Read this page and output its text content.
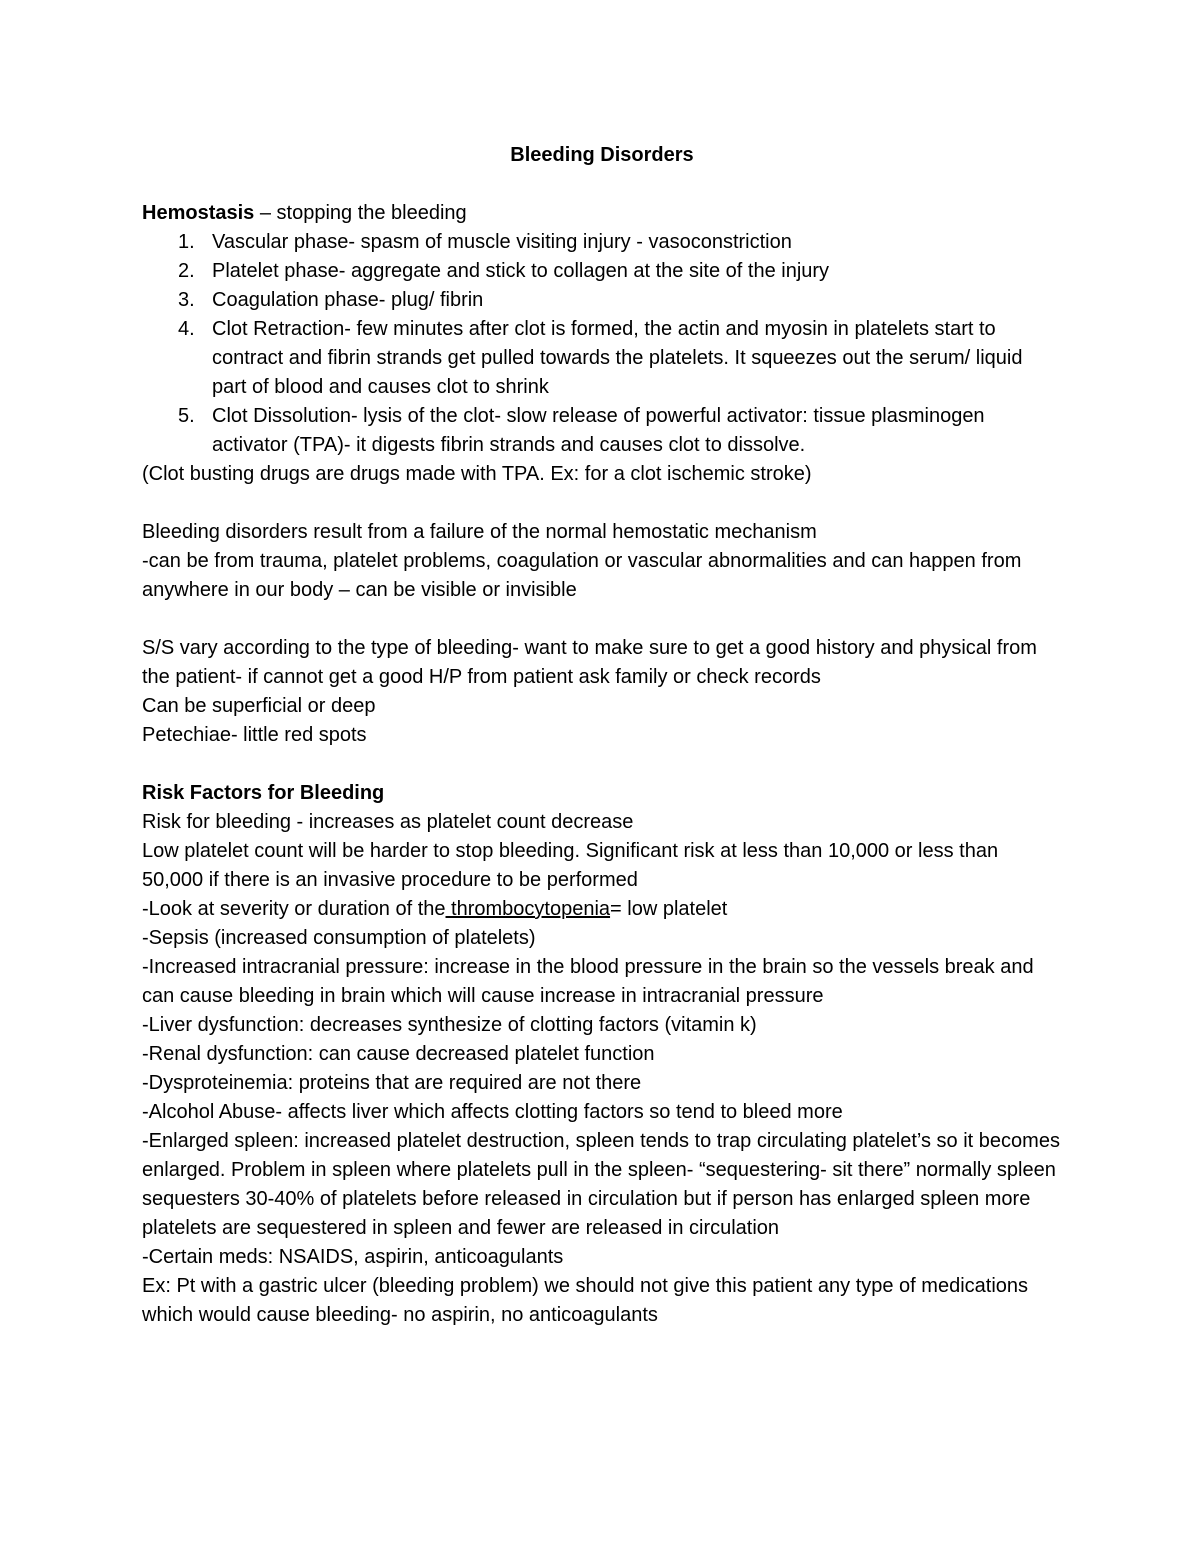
Bleeding Disorders

Hemostasis – stopping the bleeding

1. Vascular phase- spasm of muscle visiting injury - vasoconstriction
2. Platelet phase- aggregate and stick to collagen at the site of the injury
3. Coagulation phase- plug/ fibrin
4. Clot Retraction- few minutes after clot is formed, the actin and myosin in platelets start to contract and fibrin strands get pulled towards the platelets. It squeezes out the serum/ liquid part of blood and causes clot to shrink
5. Clot Dissolution- lysis of the clot- slow release of powerful activator: tissue plasminogen activator (TPA)- it digests fibrin strands and causes clot to dissolve.

(Clot busting drugs are drugs made with TPA. Ex: for a clot ischemic stroke)

Bleeding disorders result from a failure of the normal hemostatic mechanism

-can be from trauma, platelet problems, coagulation or vascular abnormalities and can happen from anywhere in our body – can be visible or invisible

S/S vary according to the type of bleeding- want to make sure to get a good history and physical from the patient- if cannot get a good H/P from patient ask family or check records

Can be superficial or deep

Petechiae- little red spots

Risk Factors for Bleeding

Risk for bleeding - increases as platelet count decrease

Low platelet count will be harder to stop bleeding. Significant risk at less than 10,000 or less than 50,000 if there is an invasive procedure to be performed

-Look at severity or duration of the thrombocytopenia= low platelet

-Sepsis (increased consumption of platelets)

-Increased intracranial pressure: increase in the blood pressure in the brain so the vessels break and can cause bleeding in brain which will cause increase in intracranial pressure

-Liver dysfunction: decreases synthesize of clotting factors (vitamin k)

-Renal dysfunction: can cause decreased platelet function

-Dysproteinemia: proteins that are required are not there

-Alcohol Abuse- affects liver which affects clotting factors so tend to bleed more

-Enlarged spleen: increased platelet destruction, spleen tends to trap circulating platelet’s so it becomes enlarged. Problem in spleen where platelets pull in the spleen- “sequestering- sit there” normally spleen sequesters 30-40% of platelets before released in circulation but if person has enlarged spleen more platelets are sequestered in spleen and fewer are released in circulation

-Certain meds: NSAIDS, aspirin, anticoagulants

Ex: Pt with a gastric ulcer (bleeding problem) we should not give this patient any type of medications which would cause bleeding- no aspirin, no anticoagulants
